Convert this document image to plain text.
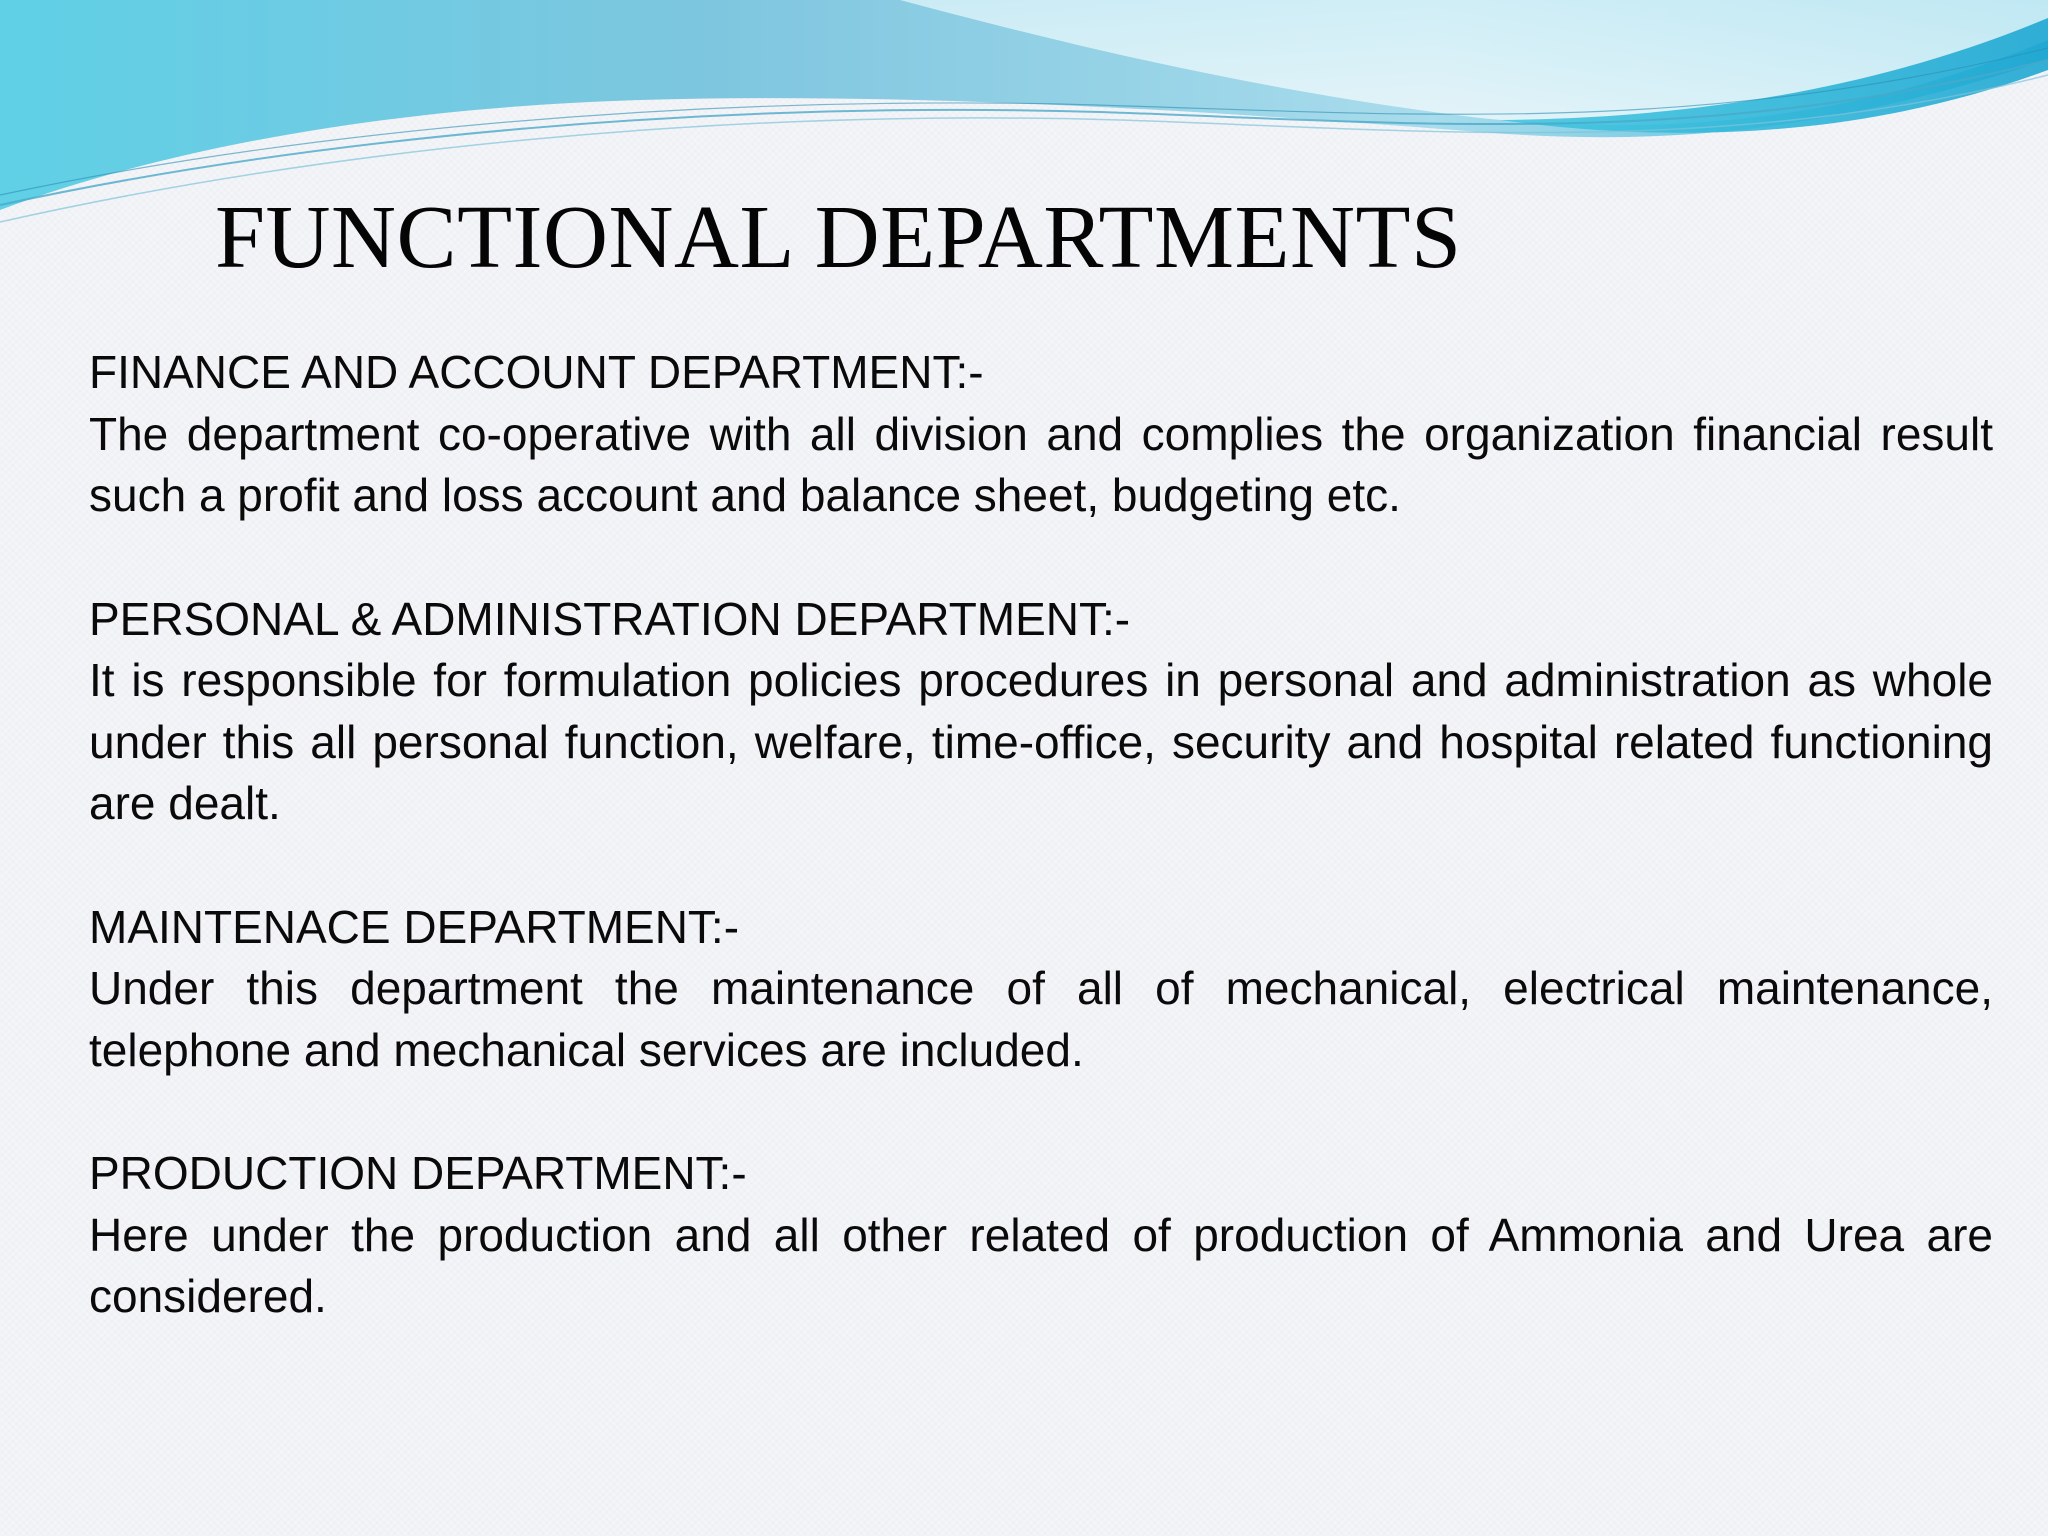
FUNCTIONAL DEPARTMENTS

FINANCE AND ACCOUNT DEPARTMENT:-

The department co-operative with all division and complies the organization financial result such a profit and loss account and balance sheet, budgeting etc.

PERSONAL & ADMINISTRATION DEPARTMENT:-

It is responsible for formulation policies procedures in personal and administration as whole under this all personal function, welfare, time-office, security and hospital related functioning are dealt.

MAINTENACE DEPARTMENT:-

Under this department the maintenance of all of mechanical, electrical maintenance, telephone and mechanical services are included.

PRODUCTION DEPARTMENT:-

Here under the production and all other related of production of Ammonia and Urea are considered.
